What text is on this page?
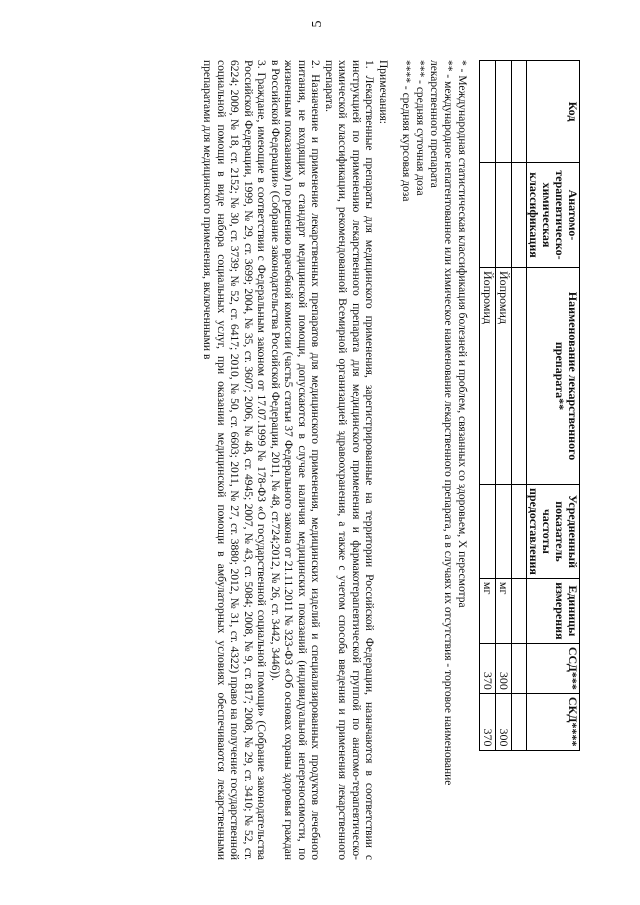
5
Код	Анатомо-терапевтическо-химическая классификация	Наименование лекарственного препарата**	Усредненный показатель частоты предоставления	Единицы измерения	ССД***	СКД****

		Йопромид		мг	300	300
		Йопромид		мг	370	370
* - Международная статистическая классификация болезней и проблем, связанных со здоровьем, X пересмотра
** - международное непатентованное или химическое наименование лекарственного препарата, а в случаях их отсутствия - торговое наименование лекарственного препарата
*** - средняя суточная доза
**** - средняя курсовая доза

Примечания:

1. Лекарственные препараты для медицинского применения, зарегистрированные на территории Российской Федерации, назначаются в соответствии с инструкцией по применению лекарственного препарата для медицинского применения и фармакотерапевтической группой по анатомо-терапевтическо-химической классификации, рекомендованной Всемирной организацией здравоохранения, а также с учетом способа введения и применения лекарственного препарата.

2. Назначение и применение лекарственных препаратов для медицинского применения, медицинских изделий и специализированных продуктов лечебного питания, не входящих в стандарт медицинской помощи, допускаются в случае наличия медицинских показаний (индивидуальной непереносимости, по жизненным показаниям) по решению врачебной комиссии (часть5 статьи 37 Федерального закона от 21.11.2011 № 323-ФЗ «Об основах охраны здоровья граждан в Российской Федерации» (Собрание законодательства Российской Федерации, 2011, № 48, ст.724;2012, № 26, ст. 3442, 3446)).

3. Граждане, имеющие в соответствии с Федеральным законом от 17.07.1999 № 178-ФЗ «О государственной социальной помощи» (Собрание законодательства Российской Федерации, 1999, № 29, ст. 3699; 2004, № 35, ст. 3607; 2006, № 48, ст. 4945; 2007, № 43, ст. 5084; 2008, № 9, ст. 817; 2008, № 29, ст. 3410; № 52, ст. 6224; 2009, № 18, ст. 2152; № 30, ст. 3739; № 52, ст. 6417; 2010, № 50, ст. 6603; 2011, № 27, ст. 3880; 2012, № 31, ст. 4322) право на получение государственной социальной помощи в виде набора социальных услуг, при оказании медицинской помощи в амбулаторных условиях обеспечиваются лекарственными препаратами для медицинского применения, включенными в
